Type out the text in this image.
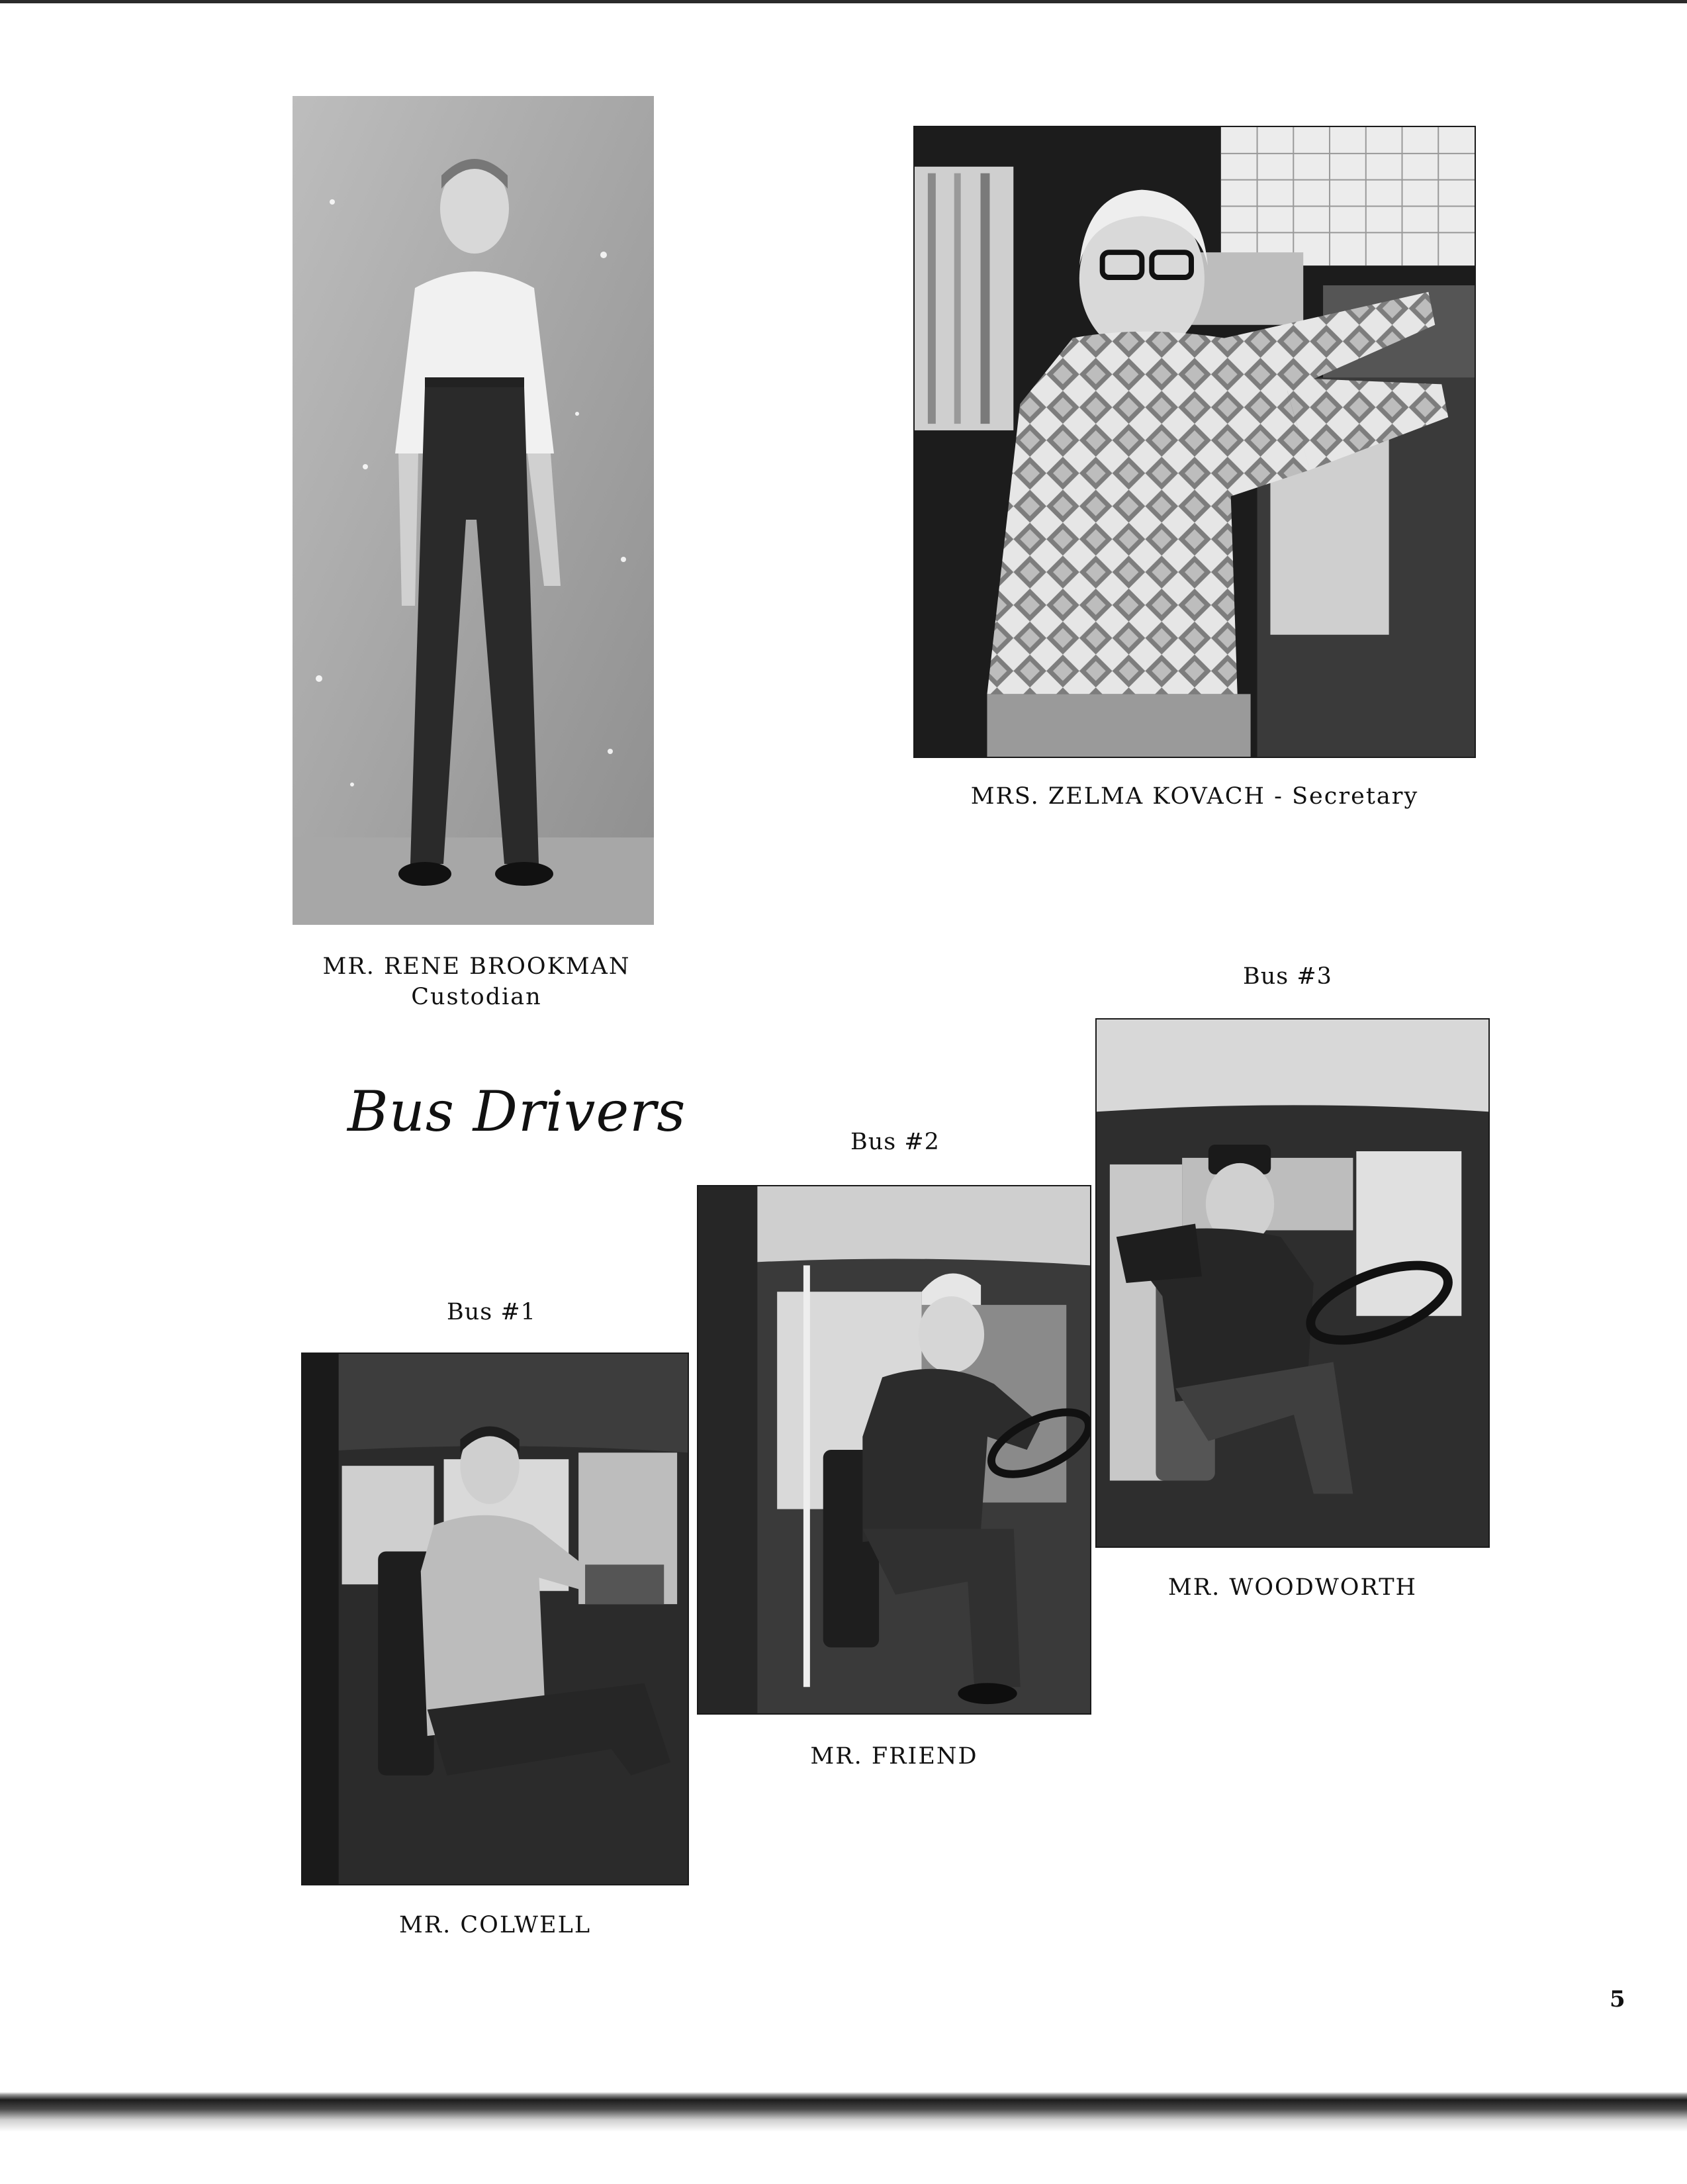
MR. RENE BROOKMAN
Custodian
MRS. ZELMA KOVACH - Secretary
Bus Drivers
Bus #3
MR. WOODWORTH
Bus #2
MR. FRIEND
Bus #1
MR. COLWELL
5
